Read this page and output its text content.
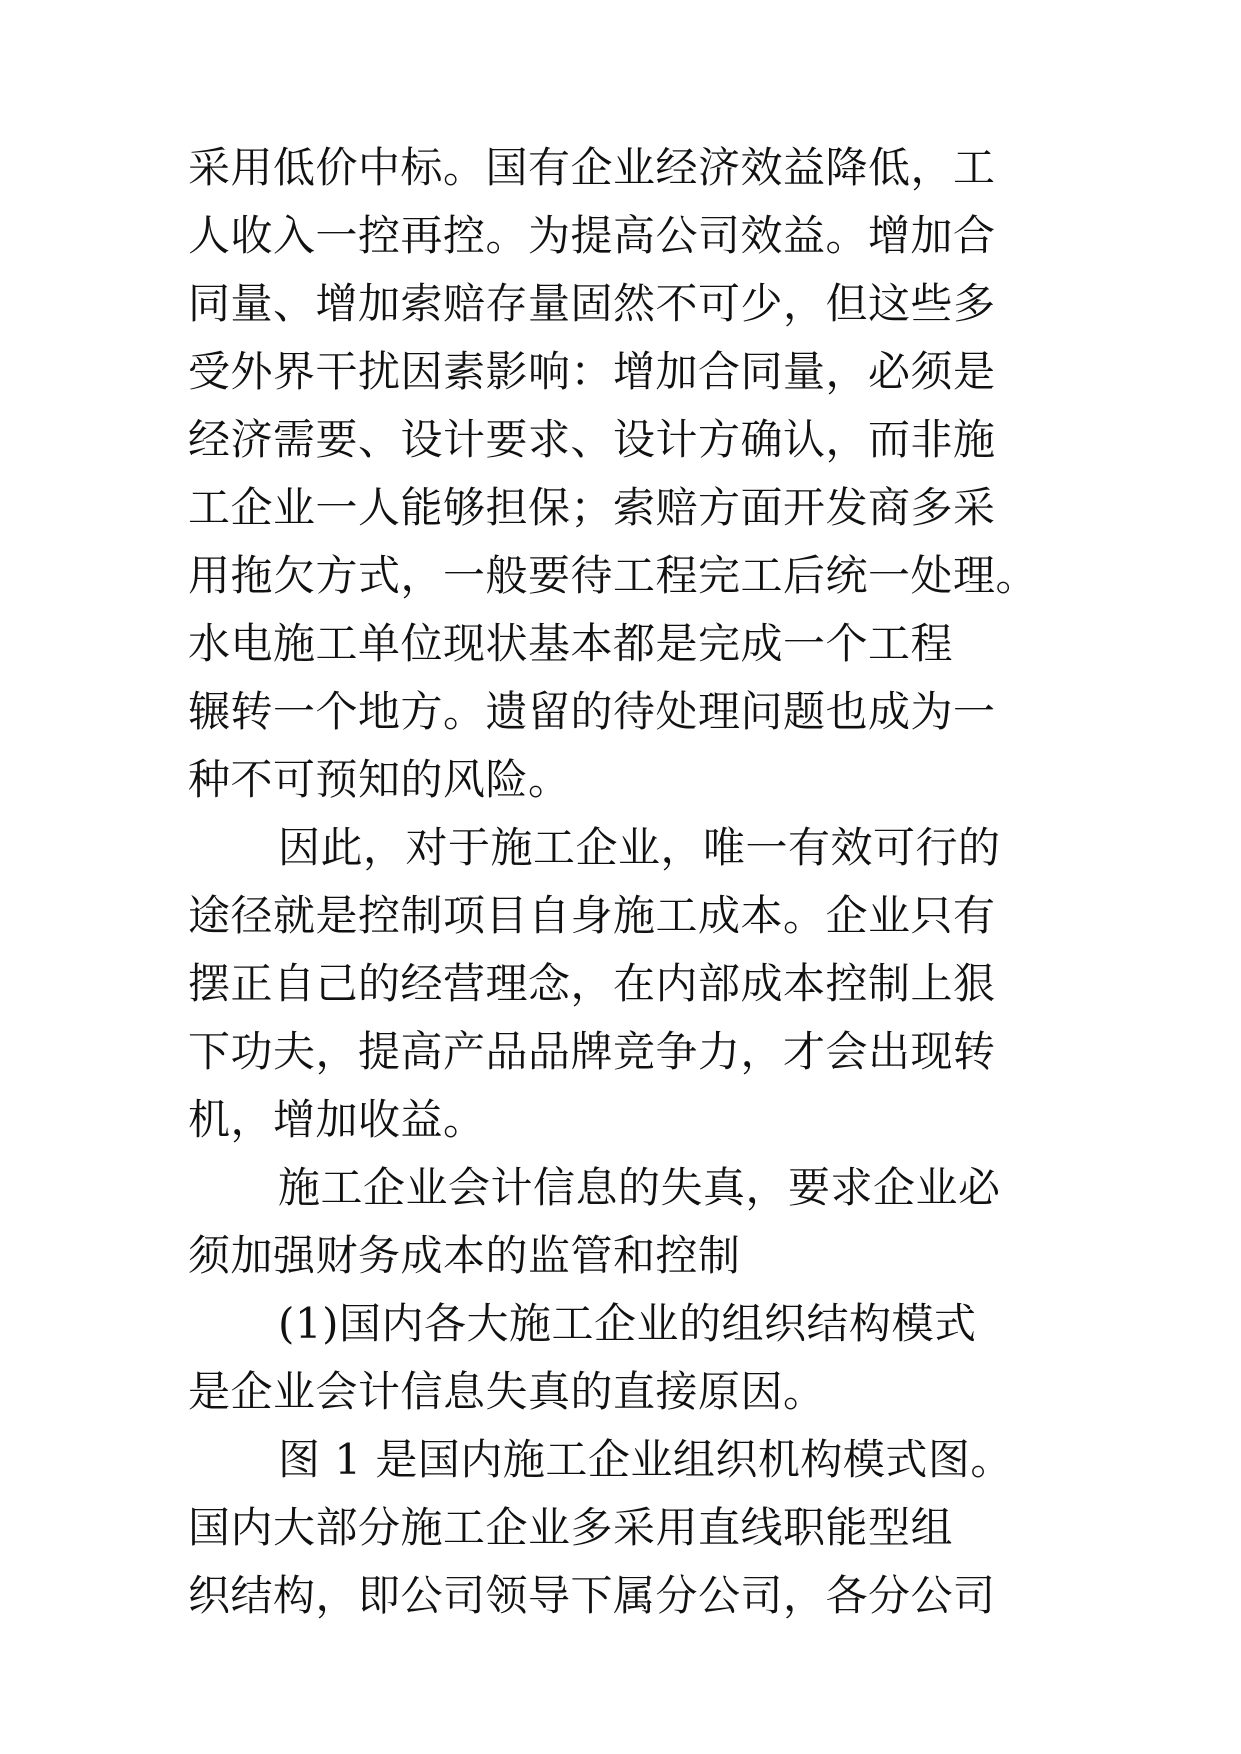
采用低价中标。国有企业经济效益降低，工
人收入一控再控。为提高公司效益。增加合
同量、增加索赔存量固然不可少，但这些多
受外界干扰因素影响：增加合同量，必须是
经济需要、设计要求、设计方确认，而非施
工企业一人能够担保；索赔方面开发商多采
用拖欠方式，一般要待工程完工后统一处理。
水电施工单位现状基本都是完成一个工程
辗转一个地方。遗留的待处理问题也成为一
种不可预知的风险。
因此，对于施工企业，唯一有效可行的
途径就是控制项目自身施工成本。企业只有
摆正自己的经营理念，在内部成本控制上狠
下功夫，提高产品品牌竞争力，才会出现转
机，增加收益。
施工企业会计信息的失真，要求企业必
须加强财务成本的监管和控制
(1)国内各大施工企业的组织结构模式
是企业会计信息失真的直接原因。
图 1 是国内施工企业组织机构模式图。
国内大部分施工企业多采用直线职能型组
织结构，即公司领导下属分公司，各分公司
